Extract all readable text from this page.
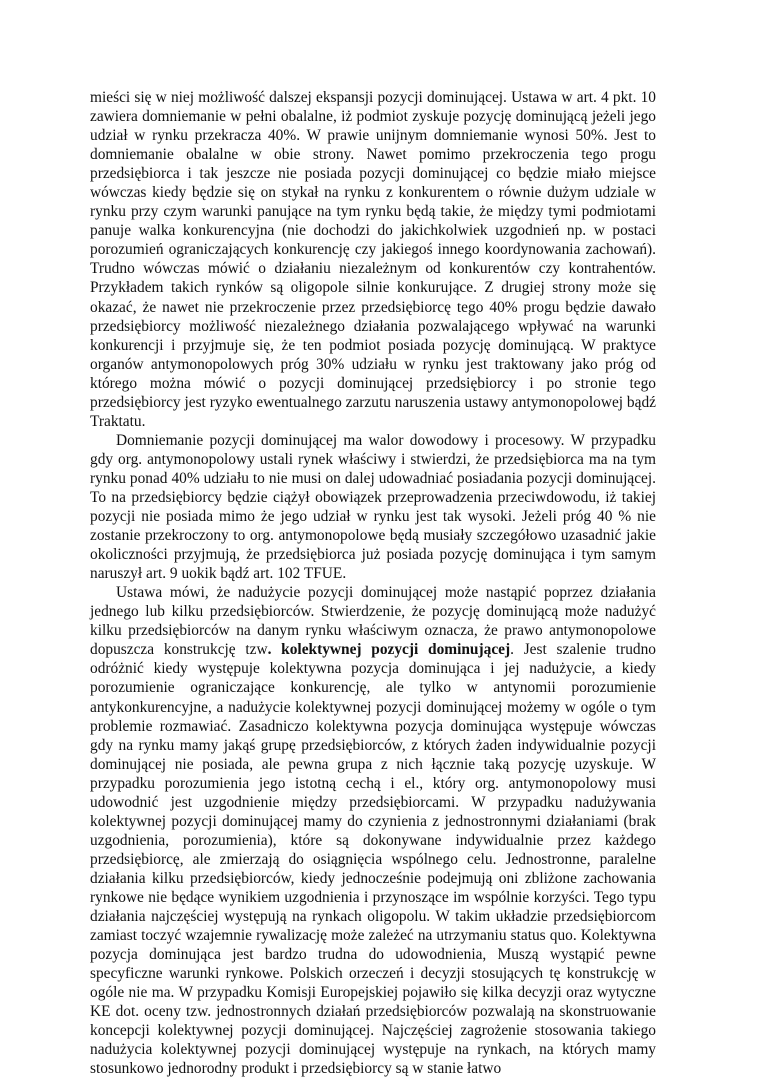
mieści się w niej możliwość dalszej ekspansji pozycji dominującej. Ustawa w art. 4 pkt. 10 zawiera domniemanie w pełni obalalne, iż podmiot zyskuje pozycję dominującą jeżeli jego udział w rynku przekracza 40%. W prawie unijnym domniemanie wynosi 50%. Jest to domniemanie obalalne w obie strony. Nawet pomimo przekroczenia tego progu przedsiębiorca i tak jeszcze nie posiada pozycji dominującej co będzie miało miejsce wówczas kiedy będzie się on stykał na rynku z konkurentem o równie dużym udziale w rynku przy czym warunki panujące na tym rynku będą takie, że między tymi podmiotami panuje walka konkurencyjna (nie dochodzi do jakichkolwiek uzgodnień np. w postaci porozumień ograniczających konkurencję czy jakiegoś innego koordynowania zachowań). Trudno wówczas mówić o działaniu niezależnym od konkurentów czy kontrahentów. Przykładem takich rynków są oligopole silnie konkurujące. Z drugiej strony może się okazać, że nawet nie przekroczenie przez przedsiębiorcę tego 40% progu będzie dawało przedsiębiorcy możliwość niezależnego działania pozwalającego wpływać na warunki konkurencji i przyjmuje się, że ten podmiot posiada pozycję dominującą. W praktyce organów antymonopolowych próg 30% udziału w rynku jest traktowany jako próg od którego można mówić o pozycji dominującej przedsiębiorcy i po stronie tego przedsiębiorcy jest ryzyko ewentualnego zarzutu naruszenia ustawy antymonopolowej bądź Traktatu.

Domniemanie pozycji dominującej ma walor dowodowy i procesowy. W przypadku gdy org. antymonopolowy ustali rynek właściwy i stwierdzi, że przedsiębiorca ma na tym rynku ponad 40% udziału to nie musi on dalej udowadniać posiadania pozycji dominującej. To na przedsiębiorcy będzie ciążył obowiązek przeprowadzenia przeciwdowodu, iż takiej pozycji nie posiada mimo że jego udział w rynku jest tak wysoki. Jeżeli próg 40 % nie zostanie przekroczony to org. antymonopolowe będą musiały szczegółowo uzasadnić jakie okoliczności przyjmują, że przedsiębiorca już posiada pozycję dominująca i tym samym naruszył art. 9 uokik bądź art. 102 TFUE.

Ustawa mówi, że nadużycie pozycji dominującej może nastąpić poprzez działania jednego lub kilku przedsiębiorców. Stwierdzenie, że pozycję dominującą może nadużyć kilku przedsiębiorców na danym rynku właściwym oznacza, że prawo antymonopolowe dopuszcza konstrukcję tzw. kolektywnej pozycji dominującej. Jest szalenie trudno odróżnić kiedy występuje kolektywna pozycja dominująca i jej nadużycie, a kiedy porozumienie ograniczające konkurencję, ale tylko w antynomii porozumienie antykonkurencyjne, a nadużycie kolektywnej pozycji dominującej możemy w ogóle o tym problemie rozmawiać. Zasadniczo kolektywna pozycja dominująca występuje wówczas gdy na rynku mamy jakąś grupę przedsiębiorców, z których żaden indywidualnie pozycji dominującej nie posiada, ale pewna grupa z nich łącznie taką pozycję uzyskuje. W przypadku porozumienia jego istotną cechą i el., który org. antymonopolowy musi udowodnić jest uzgodnienie między przedsiębiorcami. W przypadku nadużywania kolektywnej pozycji dominującej mamy do czynienia z jednostronnymi działaniami (brak uzgodnienia, porozumienia), które są dokonywane indywidualnie przez każdego przedsiębiorcę, ale zmierzają do osiągnięcia wspólnego celu. Jednostronne, paralelne działania kilku przedsiębiorców, kiedy jednocześnie podejmują oni zbliżone zachowania rynkowe nie będące wynikiem uzgodnienia i przynoszące im wspólnie korzyści. Tego typu działania najczęściej występują na rynkach oligopolu. W takim układzie przedsiębiorcom zamiast toczyć wzajemnie rywalizację może zależeć na utrzymaniu status quo. Kolektywna pozycja dominująca jest bardzo trudna do udowodnienia, Muszą wystąpić pewne specyficzne warunki rynkowe. Polskich orzeczeń i decyzji stosujących tę konstrukcję w ogóle nie ma. W przypadku Komisji Europejskiej pojawiło się kilka decyzji oraz wytyczne KE dot. oceny tzw. jednostronnych działań przedsiębiorców pozwalają na skonstruowanie koncepcji kolektywnej pozycji dominującej. Najczęściej zagrożenie stosowania takiego nadużycia kolektywnej pozycji dominującej występuje na rynkach, na których mamy stosunkowo jednorodny produkt i przedsiębiorcy są w stanie łatwo
